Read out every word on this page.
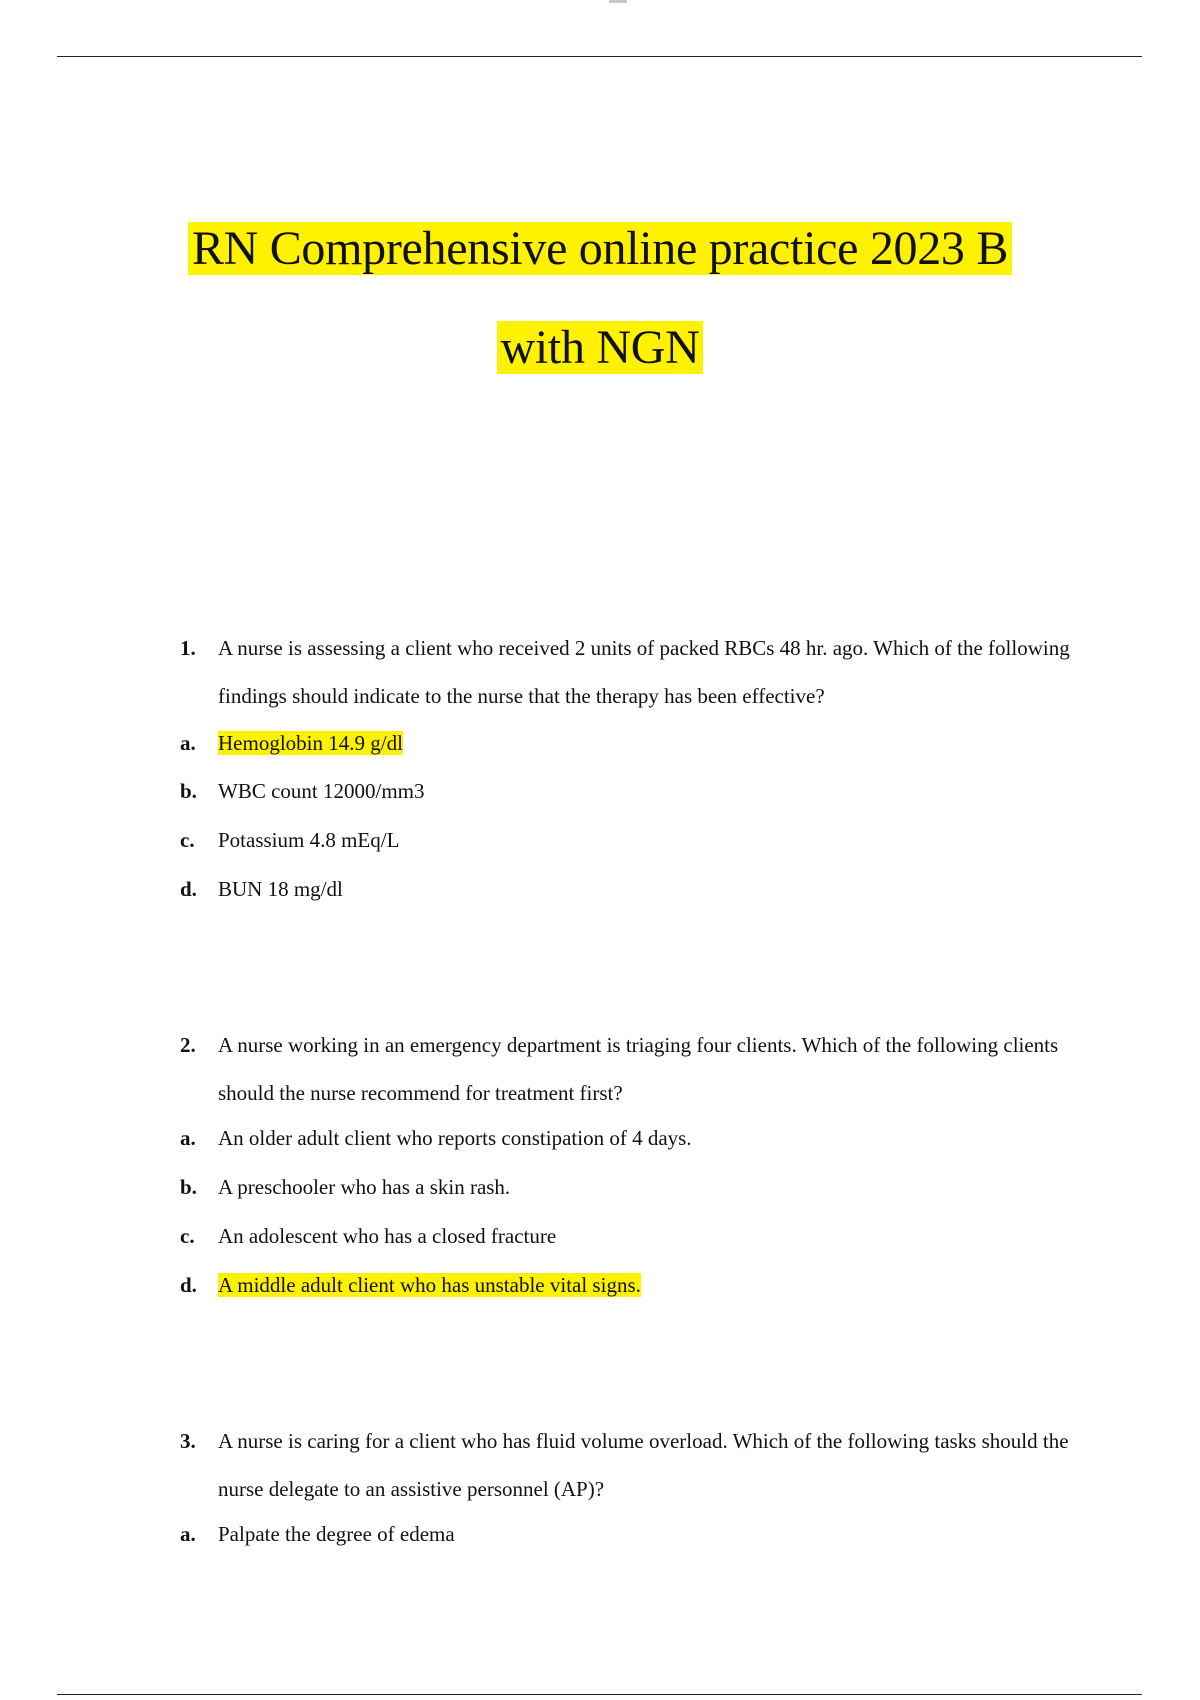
RN Comprehensive online practice 2023 B
with NGN
1. A nurse is assessing a client who received 2 units of packed RBCs 48 hr. ago. Which of the following findings should indicate to the nurse that the therapy has been effective?
a. Hemoglobin 14.9 g/dl
b. WBC count 12000/mm3
c. Potassium 4.8 mEq/L
d. BUN 18 mg/dl
2. A nurse working in an emergency department is triaging four clients. Which of the following clients should the nurse recommend for treatment first?
a. An older adult client who reports constipation of 4 days.
b. A preschooler who has a skin rash.
c. An adolescent who has a closed fracture
d. A middle adult client who has unstable vital signs.
3. A nurse is caring for a client who has fluid volume overload. Which of the following tasks should the nurse delegate to an assistive personnel (AP)?
a. Palpate the degree of edema
